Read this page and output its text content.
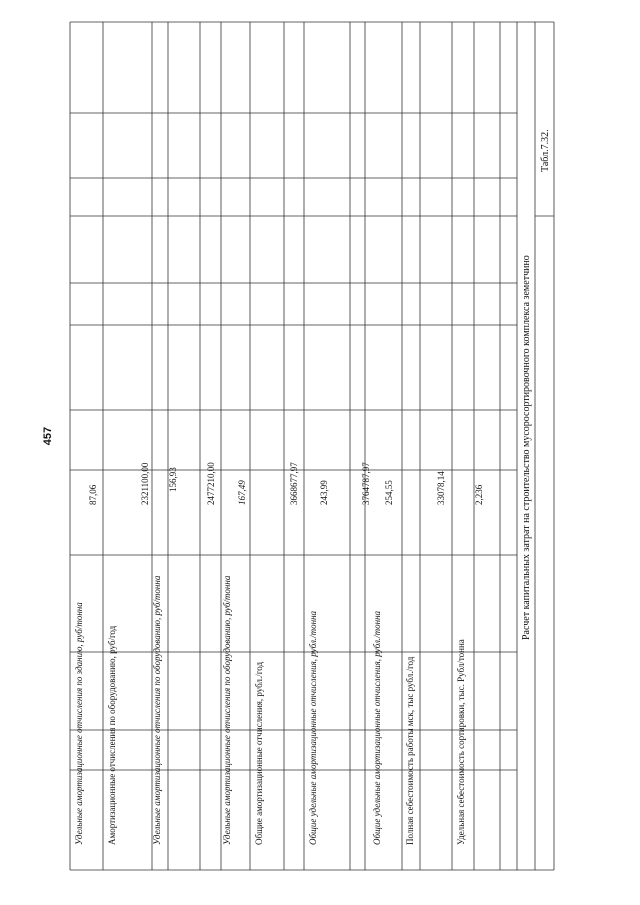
457
Удельные амортизационные отчисления по зданию, руб/тонна
87,06
Амортизационные отчисления по оборудованию, руб/год
2321100,00
Удельные амортизационные отчисления по оборудованию, руб/тонна
156,93
Удельные амортизационные отчисления по оборудованию, руб/тонна
2477210,00 167,49
Общие амортизационные отчисления, рубл./год
3668677,97
Общие удельные амортизационные отчисления, рубл./тонна
243,99	3764787,97
Общие удельные амортизационные отчисления, рубл./тонна
254,55
Полная себестоимость работы мск, тыс рубл./год
33078,14
Удельная себестоимость сортировки, тыс. Рубл/тонна
2,236	Расчет капитальных затрат на строительство мусоросортировочного комплекса земетчино
Табл.7.32.
